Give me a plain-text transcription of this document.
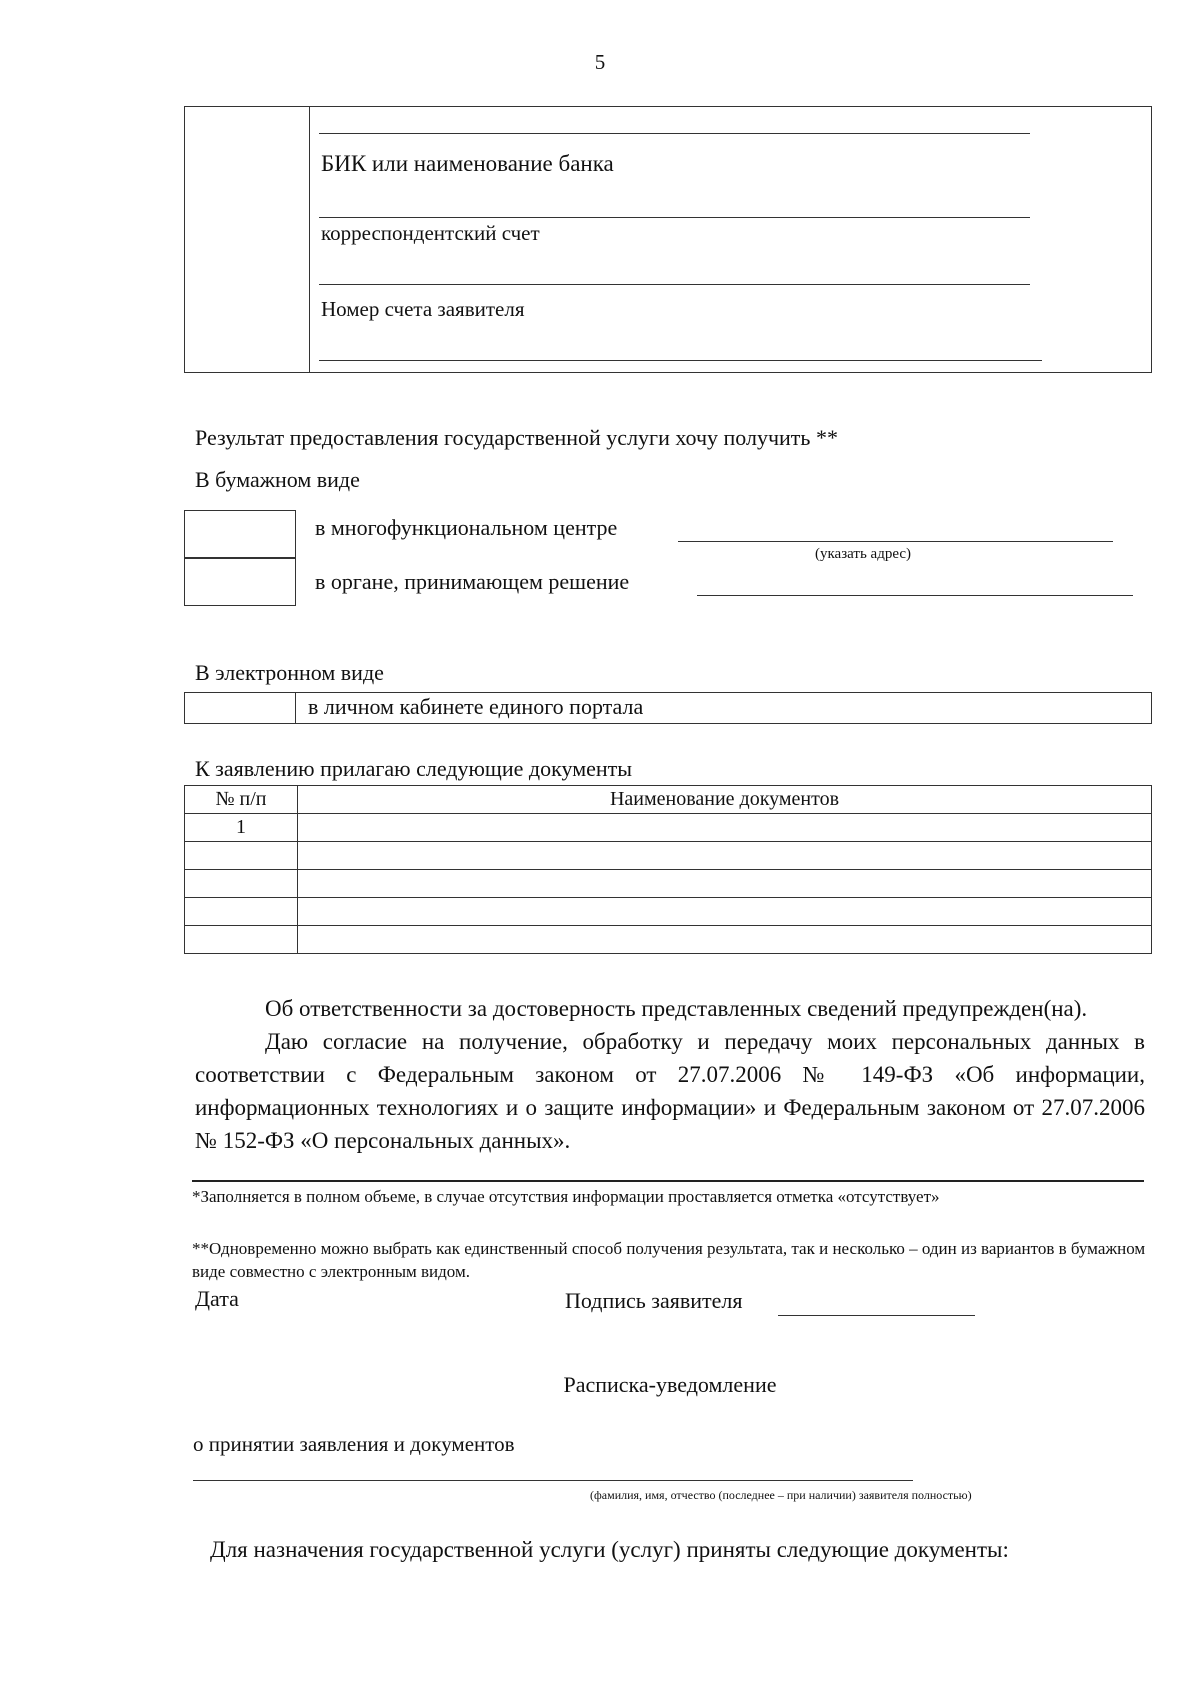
5
БИК или наименование банка
корреспондентский счет
Номер счета заявителя
Результат предоставления государственной услуги хочу получить **
В бумажном виде
в многофункциональном центре
(указать адрес)
в органе, принимающем решение
В электронном виде
в личном кабинете единого портала
К заявлению прилагаю следующие документы
№ п/п	Наименование документов
1	

Об ответственности за достоверность представленных сведений предупрежден(на).

Даю согласие на получение, обработку и передачу моих персональных данных в соответствии с Федеральным законом от 27.07.2006 № 149-ФЗ «Об информации, информационных технологиях и о защите информации» и Федеральным законом от 27.07.2006 № 152-ФЗ «О персональных данных».

*Заполняется в полном объеме, в случае отсутствия информации проставляется отметка «отсутствует»
**Одновременно можно выбрать как единственный способ получения результата, так и несколько – один из вариантов в бумажном виде совместно с электронным видом.
Дата	Подпись заявителя
Расписка-уведомление
о принятии заявления и документов
(фамилия, имя, отчество (последнее – при наличии) заявителя полностью)
Для назначения государственной услуги (услуг) приняты следующие документы:
